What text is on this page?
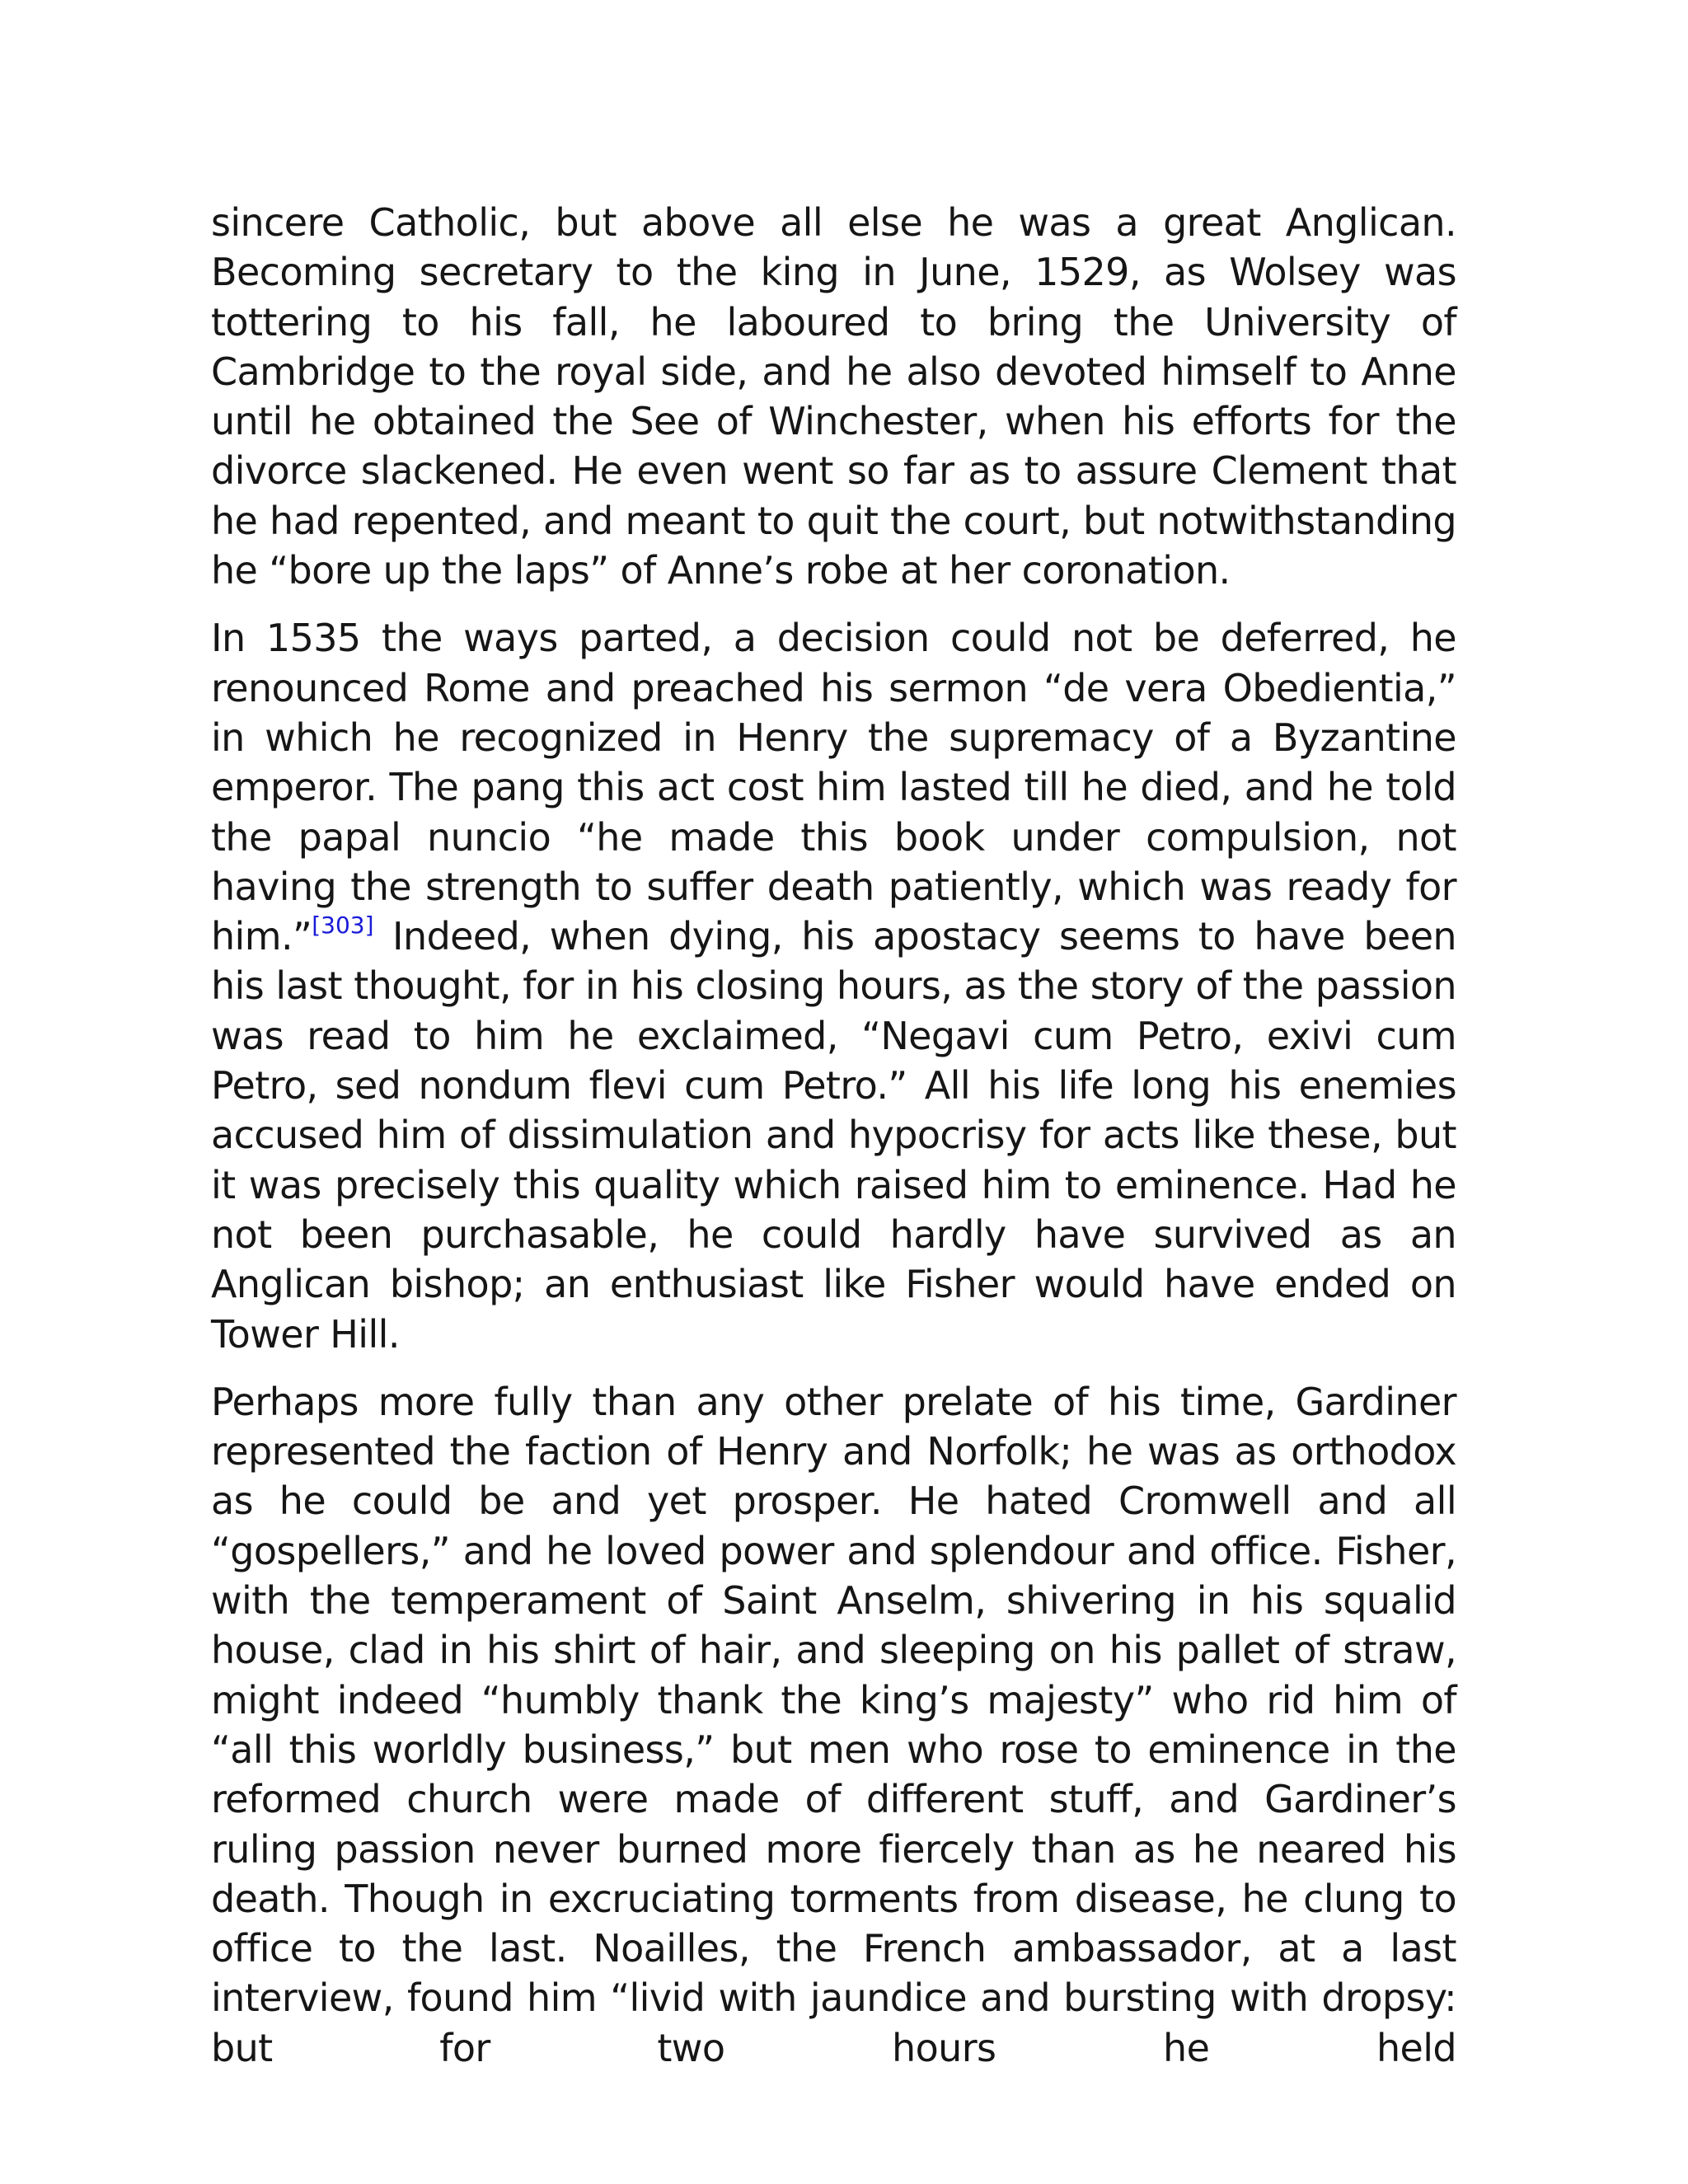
sincere Catholic, but above all else he was a great Anglican. Becoming secretary to the king in June, 1529, as Wolsey was tottering to his fall, he laboured to bring the University of Cambridge to the royal side, and he also devoted himself to Anne until he obtained the See of Winchester, when his efforts for the divorce slackened. He even went so far as to assure Clement that he had repented, and meant to quit the court, but notwithstanding he “bore up the laps” of Anne’s robe at her coronation.

In 1535 the ways parted, a decision could not be deferred, he renounced Rome and preached his sermon “de vera Obedientia,” in which he recognized in Henry the supremacy of a Byzantine emperor. The pang this act cost him lasted till he died, and he told the papal nuncio “he made this book under compulsion, not having the strength to suffer death patiently, which was ready for him.”[303] Indeed, when dying, his apostacy seems to have been his last thought, for in his closing hours, as the story of the passion was read to him he exclaimed, “Negavi cum Petro, exivi cum Petro, sed nondum flevi cum Petro.” All his life long his enemies accused him of dissimulation and hypocrisy for acts like these, but it was precisely this quality which raised him to eminence. Had he not been purchasable, he could hardly have survived as an Anglican bishop; an enthusiast like Fisher would have ended on Tower Hill.

Perhaps more fully than any other prelate of his time, Gardiner represented the faction of Henry and Norfolk; he was as orthodox as he could be and yet prosper. He hated Cromwell and all “gospellers,” and he loved power and splendour and office. Fisher, with the temperament of Saint Anselm, shivering in his squalid house, clad in his shirt of hair, and sleeping on his pallet of straw, might indeed “humbly thank the king’s majesty” who rid him of “all this worldly business,” but men who rose to eminence in the reformed church were made of different stuff, and Gardiner’s ruling passion never burned more fiercely than as he neared his death. Though in excruciating torments from disease, he clung to office to the last. Noailles, the French ambassador, at a last interview, found him “livid with jaundice and bursting with dropsy: but for two hours he held
